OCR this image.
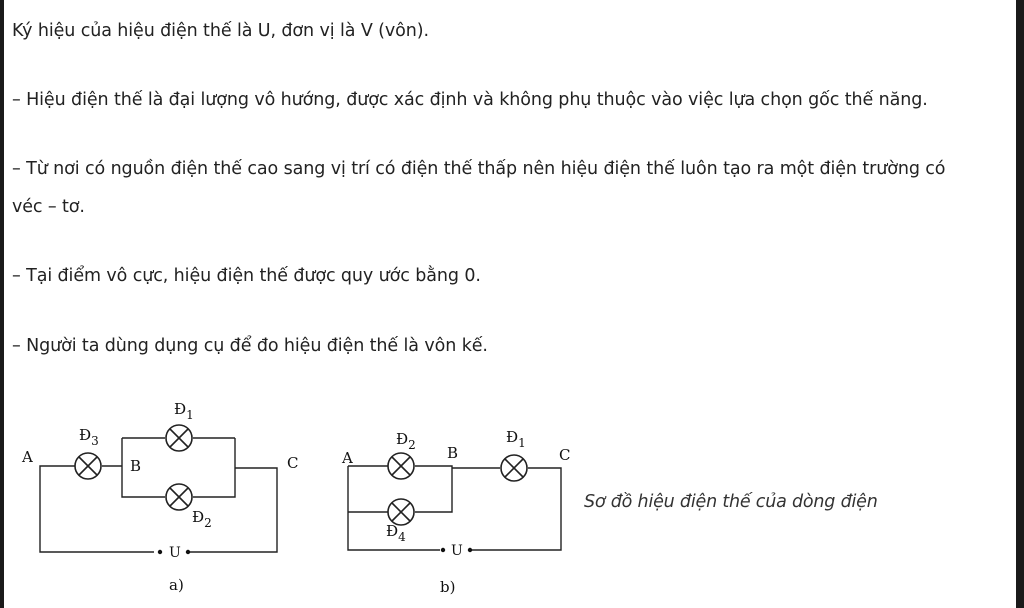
Ký hiệu của hiệu điện thế là U, đơn vị là V (vôn).
– Hiệu điện thế là đại lượng vô hướng, được xác định và không phụ thuộc vào việc lựa chọn gốc thế năng.
– Từ nơi có nguồn điện thế cao sang vị trí có điện thế thấp nên hiệu điện thế luôn tạo ra một điện trường có
véc – tơ.
– Tại điểm vô cực, hiệu điện thế được quy ước bằng 0.
– Người ta dùng dụng cụ để đo hiệu điện thế là vôn kế.
A	B	C
$Đ_3$
$Đ_1$
$Đ_2$
U
a)
A	B	C
$Đ_2$	$Đ_1$
$Đ_4$
U
b)
Sơ đồ hiệu điện thế của dòng điện
